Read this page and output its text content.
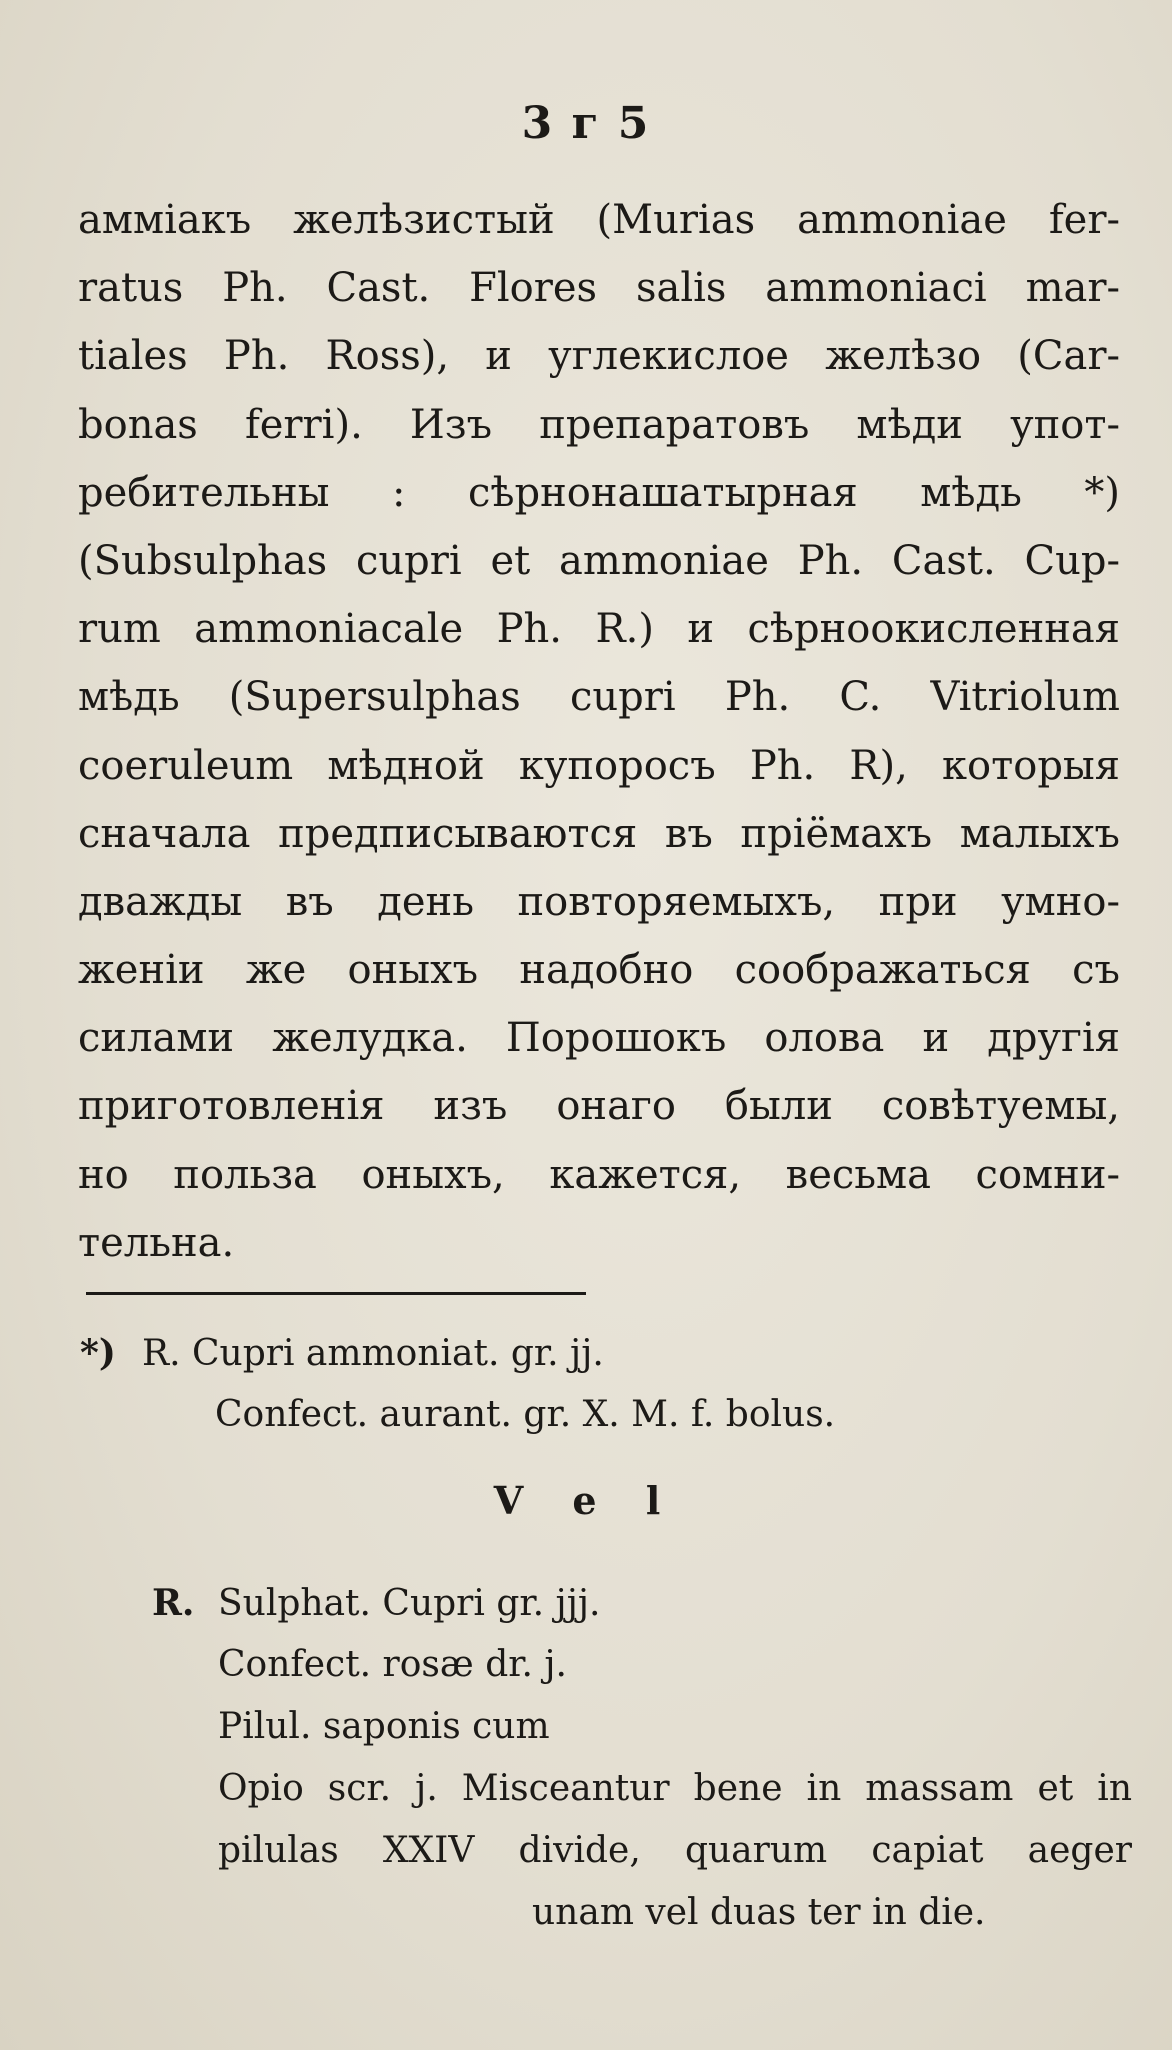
3 г 5
аммiакъ желѣзистый (Murias ammoniae fer-
ratus Ph. Cast. Flores salis ammoniaci mar-
tiales Ph. Ross), и углекислое желѣзо (Car-
bonas ferri). Изъ препаратовъ мѣди упот-
ребительны : сѣрнонашатырная мѣдь *)
(Subsulphas cupri et ammoniae Ph. Cast. Cup-
rum ammoniacale Ph. R.) и сѣрноокисленная
мѣдь (Supersulphas cupri Ph. C. Vitriolum
coeruleum мѣдной купоросъ Ph. R), которыя
сначала предписываются въ прiёмахъ малыхъ
дважды въ день повторяемыхъ, при умно-
женiи же оныхъ надобно соображаться съ
силами желудка. Порошокъ олова и другiя
приготовленiя изъ онаго были совѣтуемы,
но польза оныхъ, кажется, весьма сомни-
тельна.
*) R. Cupri ammoniat. gr. jj.
Confect. aurant. gr. X. M. f. bolus.
V e l
R. Sulphat. Cupri gr. jjj.
Confect. rosæ dr. j.
Pilul. saponis cum
Opio scr. j. Misceantur bene in massam et in
pilulas XXIV divide, quarum capiat aeger
unam vel duas ter in die.
